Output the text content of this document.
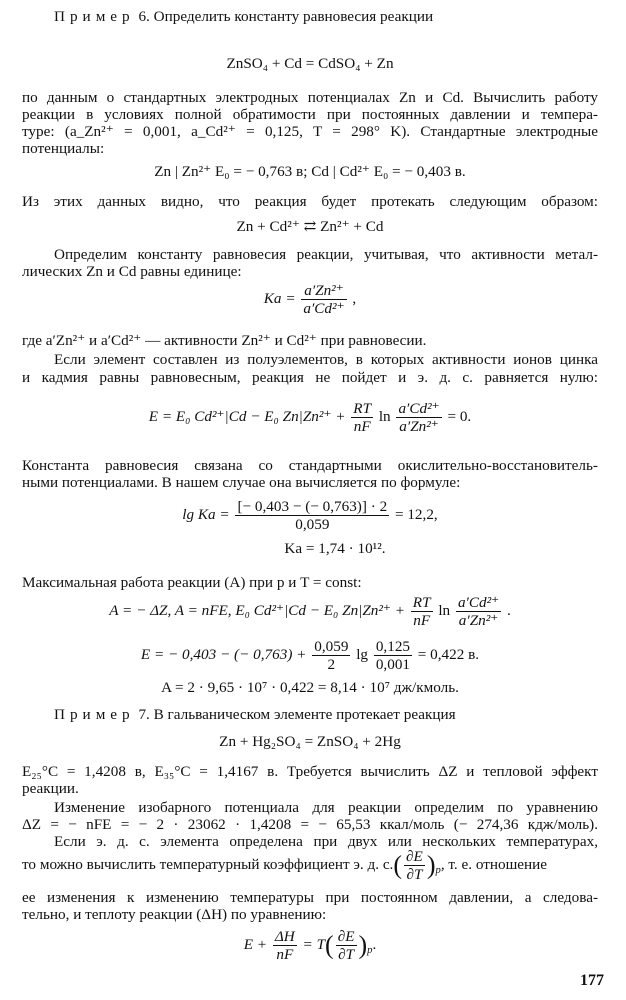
Пример 6. Определить константу равновесия реакции
ZnSO₄ + Cd = CdSO₄ + Zn
по данным о стандартных электродных потенциалах Zn и Cd. Вычислить работу
реакции в условиях полной обратимости при постоянных давлении и темпера-
туре: (a_Zn²⁺ = 0,001, a_Cd²⁺ = 0,125, T = 298° K). Стандартные электродные
потенциалы:
Zn | Zn²⁺ E₀ = − 0,763 в; Cd | Cd²⁺ E₀ = − 0,403 в.
Из этих данных видно, что реакция будет протекать следующим образом:
Zn + Cd²⁺ ⇄ Zn²⁺ + Cd
Определим константу равновесия реакции, учитывая, что активности метал-
лических Zn и Cd равны единице:
$Ka = \frac{\text{a′Zn²⁺}}{\text{a′Cd²⁺}}$ ,
где a′Zn²⁺ и a′Cd²⁺ — активности Zn²⁺ и Cd²⁺ при равновесии.
Если элемент составлен из полуэлементов, в которых активности ионов цинка
и кадмия равны равновесным, реакция не пойдет и э. д. с. равняется нулю:
E = E₀ Cd²⁺|Cd − E₀ $Zn|Zn^{2+} + \frac{RT}{nF}$ $\ln \frac{\text{a′Cd²⁺}}{\text{a′Zn²⁺}} = 0$.
Константа равновесия связана со стандартными окислительно-восстановитель-
ными потенциалами. В нашем случае она вычисляется по формуле:
$\lg Ka = \frac{[- 0,403 - (- 0,763)] \cdot 2}{0,059} = 12,2$,
Ka = 1,74 · 10¹².
Максимальная работа реакции (A) при p и T = const:
A = − ΔZ, A = nFE, E₀ Cd²⁺|Cd − E₀ $Zn|Zn^{2+} + \frac{RT}{nF}$ $\ln \frac{\text{a′Cd²⁺}}{\text{a′Zn²⁺}}$ .
E = − 0,403 − (− $0,763) + \frac{0,059}{2}$ $\lg \frac{0,125}{0,001} = 0,422$ в.
A = 2 · 9,65 · 10⁷ · 0,422 = 8,14 · 10⁷ дж/кмоль.
Пример 7. В гальваническом элементе протекает реакция
Zn + Hg₂SO₄ = ZnSO₄ + 2Hg
E₂₅°C = 1,4208 в, E₃₅°C = 1,4167 в. Требуется вычислить ΔZ и тепловой эффект
реакции.
Изменение изобарного потенциала для реакции определим по уравнению
ΔZ = − nFE = − 2 · 23062 · 1,4208 = − 65,53 ккал/моль (− 274,36 кдж/моль).
Если э. д. с. элемента определена при двух или нескольких температурах,
то можно вычислить температурный коэффициент э. д. $с.( \frac{\partial E}{\partial T} )_p$, т. е. отношение
ее изменения к изменению температуры при постоянном давлении, а следова-
тельно, и теплоту реакции (ΔH) по уравнению:
$E + \frac{\Delta H}{nF} = T( \frac{\partial E}{\partial T} )_p$.
177
